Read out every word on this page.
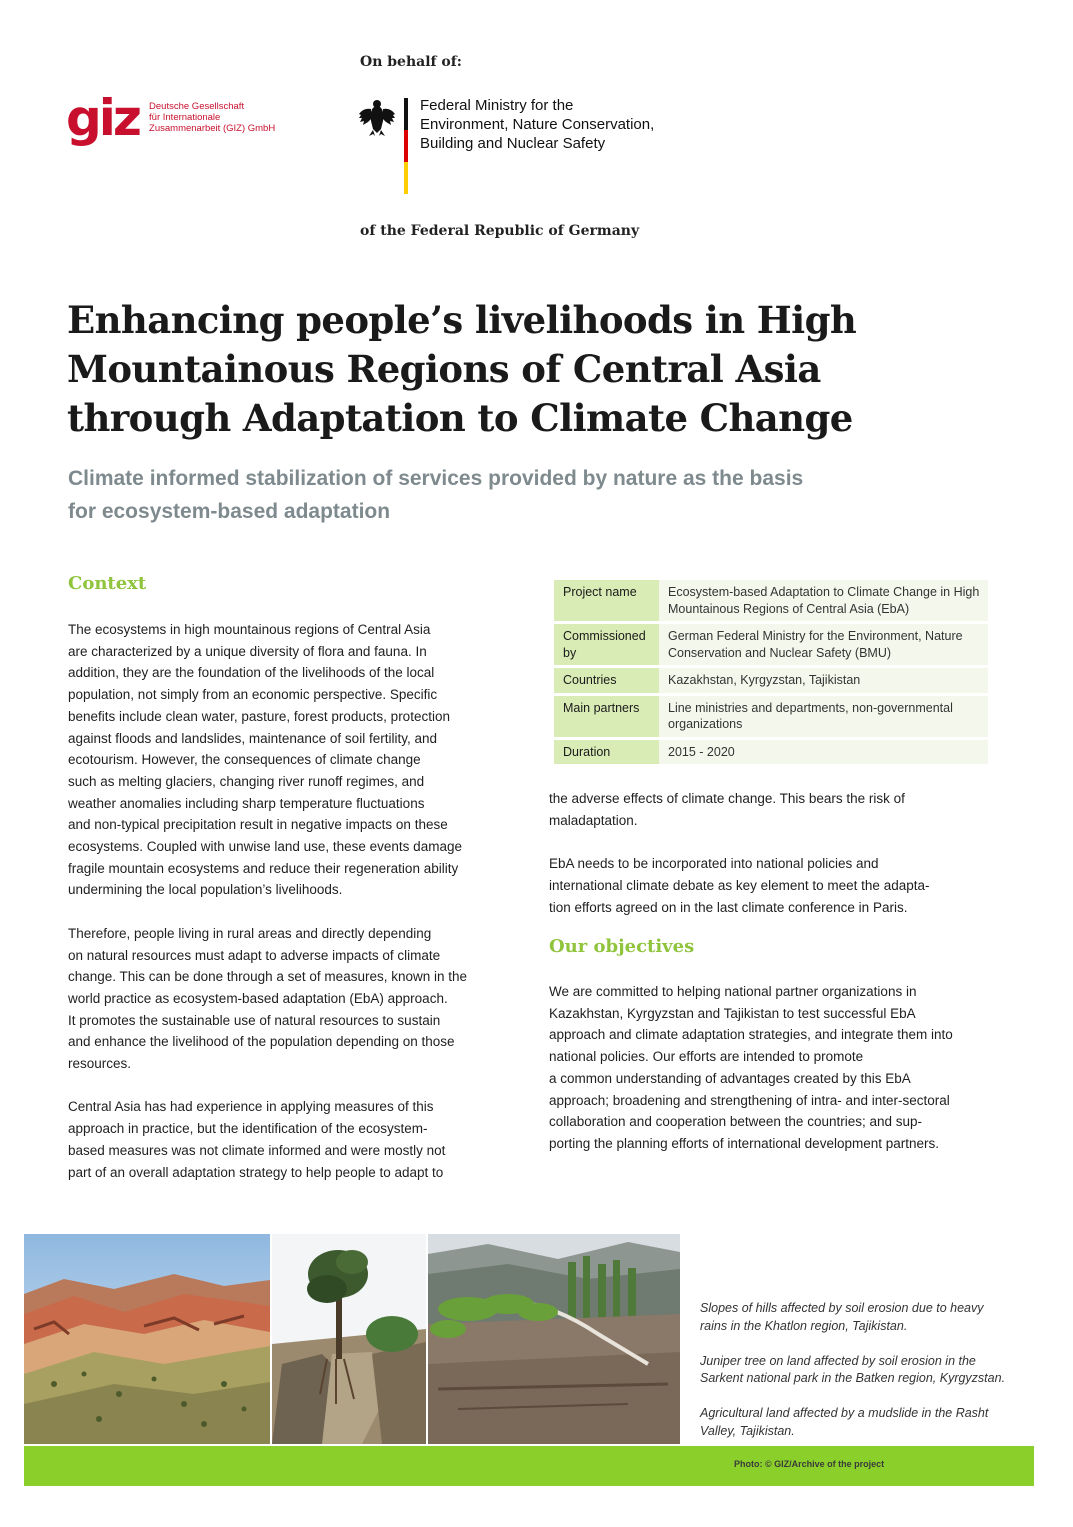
giz Deutsche Gesellschaft
für Internationale
Zusammenarbeit (GIZ) GmbH
On behalf of:
Federal Ministry for the
Environment, Nature Conservation,
Building and Nuclear Safety
of the Federal Republic of Germany
Enhancing people’s livelihoods in High
Mountainous Regions of Central Asia
through Adaptation to Climate Change
Climate informed stabilization of services provided by nature as the basis
for ecosystem-based adaptation
Context

The ecosystems in high mountainous regions of Central Asia
are characterized by a unique diversity of flora and fauna. In
addition, they are the foundation of the livelihoods of the local
population, not simply from an economic perspective. Specific
benefits include clean water, pasture, forest products, protection
against floods and landslides, maintenance of soil fertility, and
ecotourism. However, the consequences of climate change
such as melting glaciers, changing river runoff regimes, and
weather anomalies including sharp temperature fluctuations
and non-typical precipitation result in negative impacts on these
ecosystems. Coupled with unwise land use, these events damage
fragile mountain ecosystems and reduce their regeneration ability
undermining the local population’s livelihoods.

Therefore, people living in rural areas and directly depending
on natural resources must adapt to adverse impacts of climate
change. This can be done through a set of measures, known in the
world practice as ecosystem-based adaptation (EbA) approach.
It promotes the sustainable use of natural resources to sustain
and enhance the livelihood of the population depending on those
resources.

Central Asia has had experience in applying measures of this
approach in practice, but the identification of the ecosystem-
based measures was not climate informed and were mostly not
part of an overall adaptation strategy to help people to adapt to

Project name	Ecosystem-based Adaptation to Climate Change in High Mountainous Regions of Central Asia (EbA)
Commissioned by	German Federal Ministry for the Environment, Nature Conservation and Nuclear Safety (BMU)
Countries	Kazakhstan, Kyrgyzstan, Tajikistan
Main partners	Line ministries and departments, non-governmental organizations
Duration	2015 - 2020

the adverse effects of climate change. This bears the risk of
maladaptation.

EbA needs to be incorporated into national policies and
international climate debate as key element to meet the adapta-
tion efforts agreed on in the last climate conference in Paris.

Our objectives

We are committed to helping national partner organizations in
Kazakhstan, Kyrgyzstan and Tajikistan to test successful EbA
approach and climate adaptation strategies, and integrate them into
national policies. Our efforts are intended to promote
a common understanding of advantages created by this EbA
approach; broadening and strengthening of intra- and inter-sectoral
collaboration and cooperation between the countries; and sup-
porting the planning efforts of international development partners.

Slopes of hills affected by soil erosion due to heavy
rains in the Khatlon region, Tajikistan.

Juniper tree on land affected by soil erosion in the
Sarkent national park in the Batken region, Kyrgyzstan.

Agricultural land affected by a mudslide in the Rasht
Valley, Tajikistan.

Photo: © GIZ/Archive of the project
